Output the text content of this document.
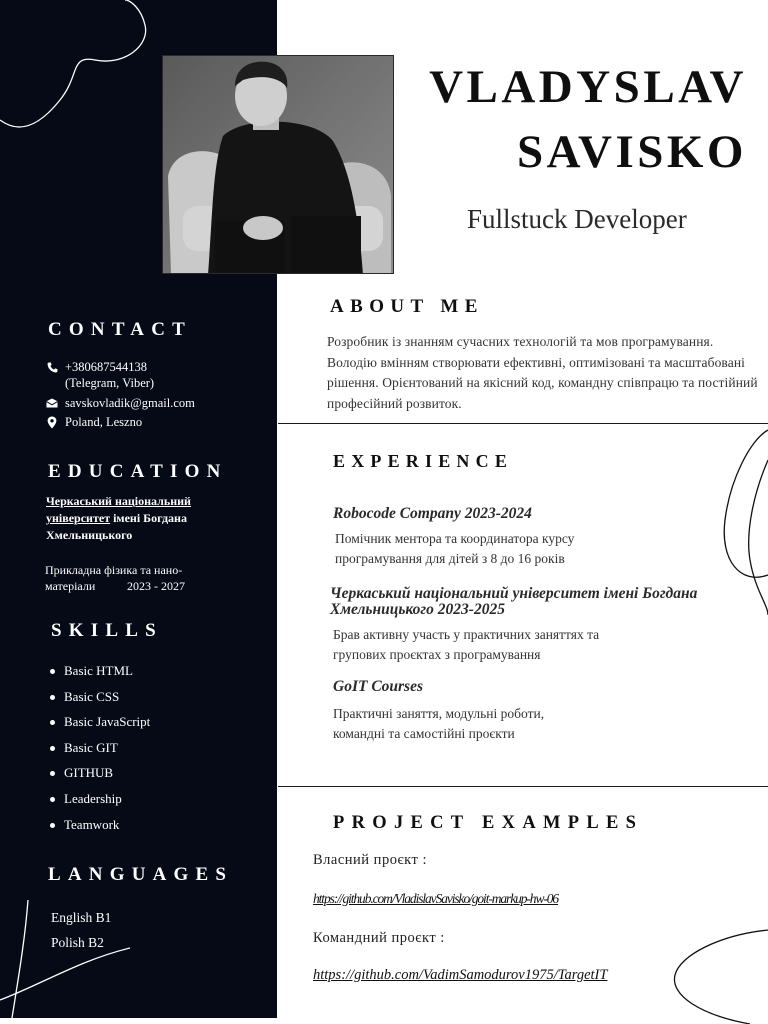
CONTACT
+380687544138
(Telegram, Viber)
savskovladik@gmail.com
Poland, Leszno
EDUCATION
Черкаський національний університет імені Богдана Хмельницького
Прикладна фізика та нано-матеріали	2023 - 2027
SKILLS
Basic HTML
Basic CSS
Basic JavaScript
Basic GIT
GITHUB
Leadership
Teamwork
LANGUAGES
English B1
Polish B2
VLADYSLAV
SAVISKO
Fullstuck Developer
ABOUT ME
Розробник із знанням сучасних технологій та мов програмування. Володію вмінням створювати ефективні, оптимізовані та масштабовані рішення. Орієнтований на якісний код, командну співпрацю та постійний професійний розвиток.
EXPERIENCE
Robocode Company 2023-2024
Помічник ментора та координатора курсу програмування для дітей з 8 до 16 років
Черкаський національний університет імені Богдана Хмельницького 2023-2025
Брав активну участь у практичних заняттях та групових проєктах з програмування
GoIT Courses
Практичні заняття, модульні роботи, командні та самостійні проєкти
PROJECT EXAMPLES
Власний проєкт :
https://github.com/VladislavSavisko/goit-markup-hw-06
Командний проєкт :
https://github.com/VadimSamodurov1975/TargetIT
